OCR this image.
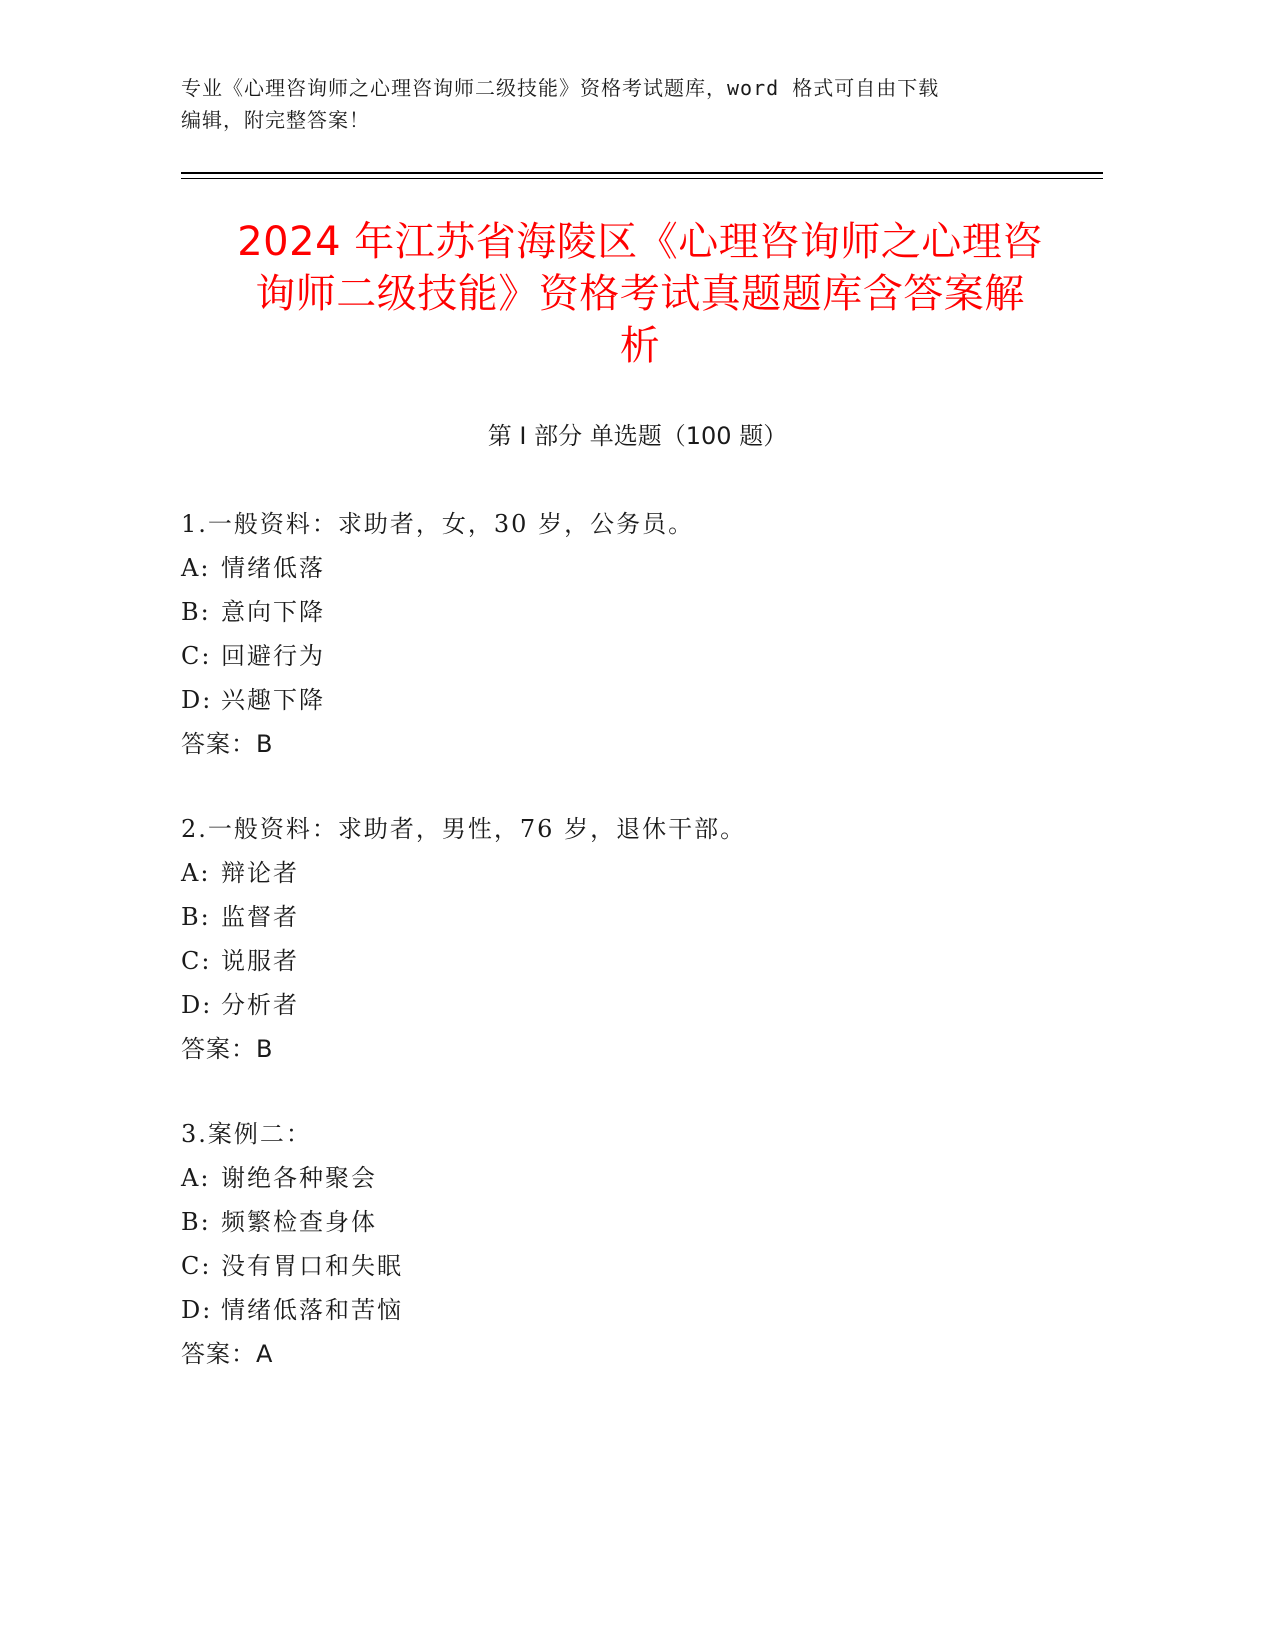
专业《心理咨询师之心理咨询师二级技能》资格考试题库，word 格式可自由下载
编辑，附完整答案！
2024 年江苏省海陵区《心理咨询师之心理咨
询师二级技能》资格考试真题题库含答案解
析
第 I 部分 单选题（100 题）
1.一般资料：求助者，女，30 岁，公务员。
A: 情绪低落
B: 意向下降
C: 回避行为
D: 兴趣下降
答案：B
2.一般资料：求助者，男性，76 岁，退休干部。
A: 辩论者
B: 监督者
C: 说服者
D: 分析者
答案：B
3.案例二：
A: 谢绝各种聚会
B: 频繁检查身体
C: 没有胃口和失眠
D: 情绪低落和苦恼
答案：A
